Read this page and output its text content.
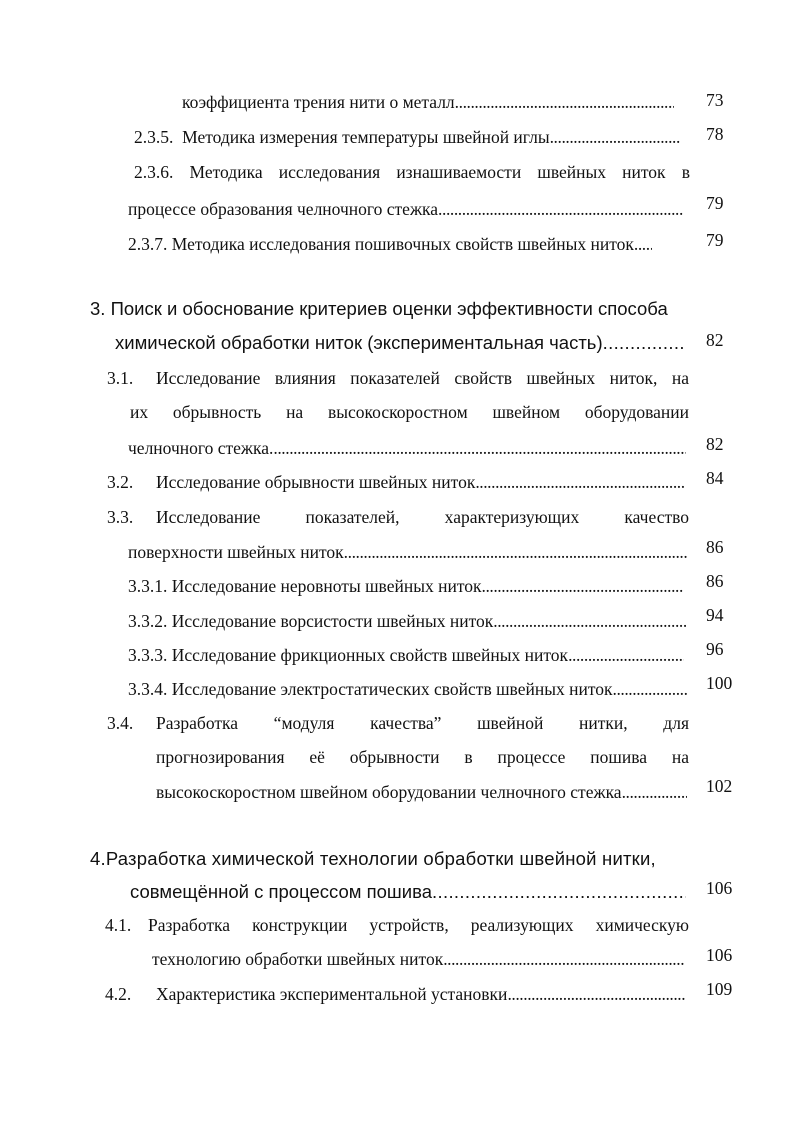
коэффициента трения нити о металл . . .	73
2.3.5. Методика измерения температуры швейной иглы . . .	78
2.3.6. Методика исследования изнашиваемости швейных ниток в
процессе образования челночного стежка . . .	79
2.3.7. Методика исследования пошивочных свойств швейных ниток . . .	79
3. Поиск и обоснование критериев оценки эффективности способа
химической обработки ниток (экспериментальная часть) . . .	82
3.1.	Исследование влияния показателей свойств швейных ниток, на
их обрывность на высокоскоростном швейном оборудовании
челночного стежка. . . .	82
3.2.	Исследование обрывности швейных ниток . . .	84
3.3.	Исследование показателей, характеризующих качество
поверхности швейных ниток . . .	86
3.3.1. Исследование неровноты швейных ниток . . .	86
3.3.2. Исследование ворсистости швейных ниток . . .	94
3.3.3. Исследование фрикционных свойств швейных ниток . . .	96
3.3.4. Исследование электростатических свойств швейных ниток . . .	100
3.4.	Разработка “модуля качества” швейной нитки, для
прогнозирования её обрывности в процессе пошива на
высокоскоростном швейном оборудовании челночного стежка . . .	102
4.Разработка химической технологии обработки швейной нитки,
совмещённой с процессом пошива . . .	106
4.1. Разработка конструкции устройств, реализующих химическую
технологию обработки швейных ниток . . .	106
4.2.	Характеристика экспериментальной установки . . .	109
